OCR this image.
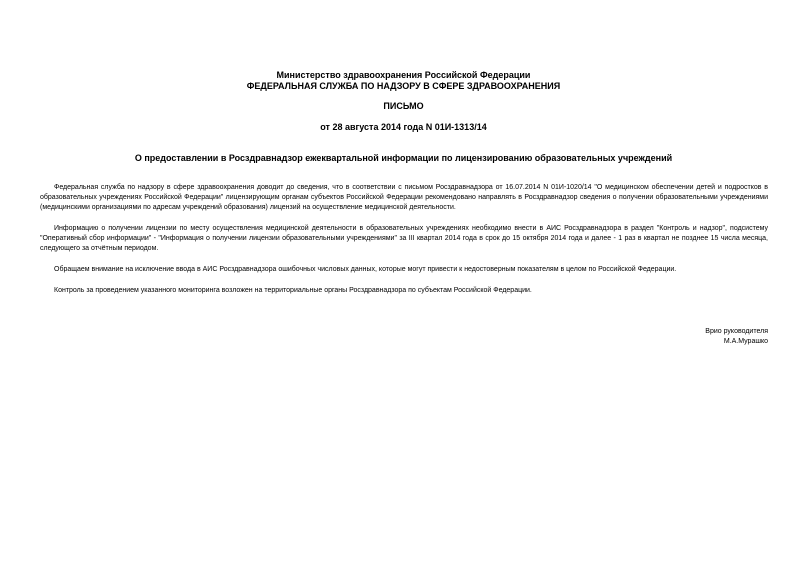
Министерство здравоохранения Российской Федерации
ФЕДЕРАЛЬНАЯ СЛУЖБА ПО НАДЗОРУ В СФЕРЕ ЗДРАВООХРАНЕНИЯ
ПИСЬМО
от 28 августа 2014 года N 01И-1313/14
О предоставлении в Росздравнадзор ежеквартальной информации по лицензированию образовательных учреждений

Федеральная служба по надзору в сфере здравоохранения доводит до сведения, что в соответствии с письмом Росздравнадзора от 16.07.2014 N 01И-1020/14 "О медицинском обеспечении детей и подростков в образовательных учреждениях Российской Федерации" лицензирующим органам субъектов Российской Федерации рекомендовано направлять в Росздравнадзор сведения о получении образовательными учреждениями (медицинскими организациями по адресам учреждений образования) лицензий на осуществление медицинской деятельности.

Информацию о получении лицензии по месту осуществления медицинской деятельности в образовательных учреждениях необходимо внести в АИС Росздравнадзора в раздел "Контроль и надзор", подсистему "Оперативный сбор информации" - "Информация о получении лицензии образовательными учреждениями" за III квартал 2014 года в срок до 15 октября 2014 года и далее - 1 раз в квартал не позднее 15 числа месяца, следующего за отчётным периодом.

Обращаем внимание на исключение ввода в АИС Росздравнадзора ошибочных числовых данных, которые могут привести к недостоверным показателям в целом по Российской Федерации.

Контроль за проведением указанного мониторинга возложен на территориальные органы Росздравнадзора по субъектам Российской Федерации.

Врио руководителя
М.А.Мурашко
